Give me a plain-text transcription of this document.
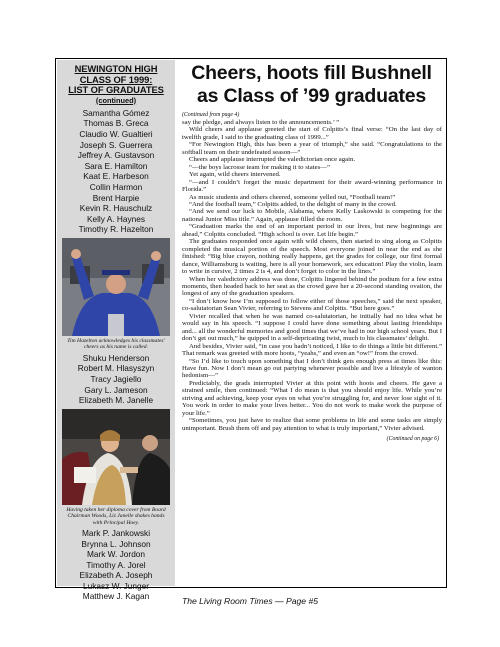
NEWINGTON HIGH
CLASS OF 1999:
LIST OF GRADUATES
(continued)
Samantha Gómez
Thomas B. Greca
Claudio W. Gualtieri
Joseph S. Guerrera
Jeffrey A. Gustavson
Sara E. Hamilton
Kaat E. Harbeson
Collin Harmon
Brent Harpie
Kevin R. Hauschulz
Kelly A. Haynes
Timothy R. Hazelton
Tim Hazelton acknowledges his classmates' cheers as his name is called.
Shuku Henderson
Robert M. Hlasyszyn
Tracy Jagiello
Gary L. Jameson
Elizabeth M. Janelle
Having taken her diploma cover from Board Chairman Woods, Liz Janelle shakes hands with Principal Hoey.
Mark P. Jankowski
Brynna L. Johnson
Mark W. Jordon
Timothy A. Jorel
Elizabeth A. Joseph
Lukasz W. Junger
Matthew J. Kagan
Cheers, hoots fill Bushnell
as Class of ’99 graduates
(Continued from page 4)

say the pledge, and always listen to the announcements.’ ”

Wild cheers and applause greeted the start of Colpitts’s final verse: “On the last day of twelfth grade, I said to the graduating class of 1999...”

“For Newington High, this has been a year of triumph,” she said. “Congratulations to the softball team on their undefeated season—”

Cheers and applause interrupted the valedictorian once again.

“—the boys lacrosse team for making it to states—”

Yet again, wild cheers intervened.

“—and I couldn’t forget the music department for their award-winning performance in Florida.”

As music students and others cheered, someone yelled out, “Football team!”

“And the football team,” Colpitts added, to the delight of many in the crowd.

“And we send our luck to Mobile, Alabama, where Kelly Laskowski is competing for the national Junior Miss title.” Again, applause filled the room.

“Graduation marks the end of an important period in our lives, but new beginnings are ahead,” Colpitts concluded. “High school is over. Let life begin.”

The graduates responded once again with wild cheers, then started to sing along as Colpitts completed the musical portion of the speech. Most everyone joined in near the end as she finished: “Big blue crayon, nothing really happens, get the grades for college, our first formal dance, Williamsburg is waiting, here is all your homework, sex education! Play the violin, learn to write in cursive, 2 times 2 is 4, and don’t forget to color in the lines.”

When her valedictory address was done, Colpitts lingered behind the podium for a few extra moments, then headed back to her seat as the crowd gave her a 20-second standing ovation, the longest of any of the graduation speakers.

“I don’t know how I’m supposed to follow either of those speeches,” said the next speaker, co-salutatorian Sean Vivier, referring to Stevens and Colpitts. “But here goes.”

Vivier recalled that when he was named co-salutatorian, he initially had no idea what he would say in his speech. “I suppose I could have done something about lasting friendships and... all the wonderful memories and good times that we’ve had in our high school years. But I don’t get out much,” he quipped in a self-depricating twist, much to his classmates’ delight.

And besides, Vivier said, “in case you hadn’t noticed, I like to do things a little bit different.” That remark was greeted with more hoots, “yeahs,” and even an “ow!” from the crowd.

“So I’d like to touch upon something that I don’t think gets enough press at times like this: Have fun. Now I don’t mean go out partying whenever possible and live a lifestyle of wanton hedonism—”

Predictably, the grads interrupted Vivier at this point with hoots and cheers. He gave a strained smile, then continued: “What I do mean is that you should enjoy life. While you’re striving and achieving, keep your eyes on what you’re struggling for, and never lose sight of it. You work in order to make your lives better... You do not work to make work the purpose of your life.”

“Sometimes, you just have to realize that some problems in life and some tasks are simply unimportant. Brush them off and pay attention to what is truly important,” Vivier advised.

(Continued on page 6)
The Living Room Times — Page #5
